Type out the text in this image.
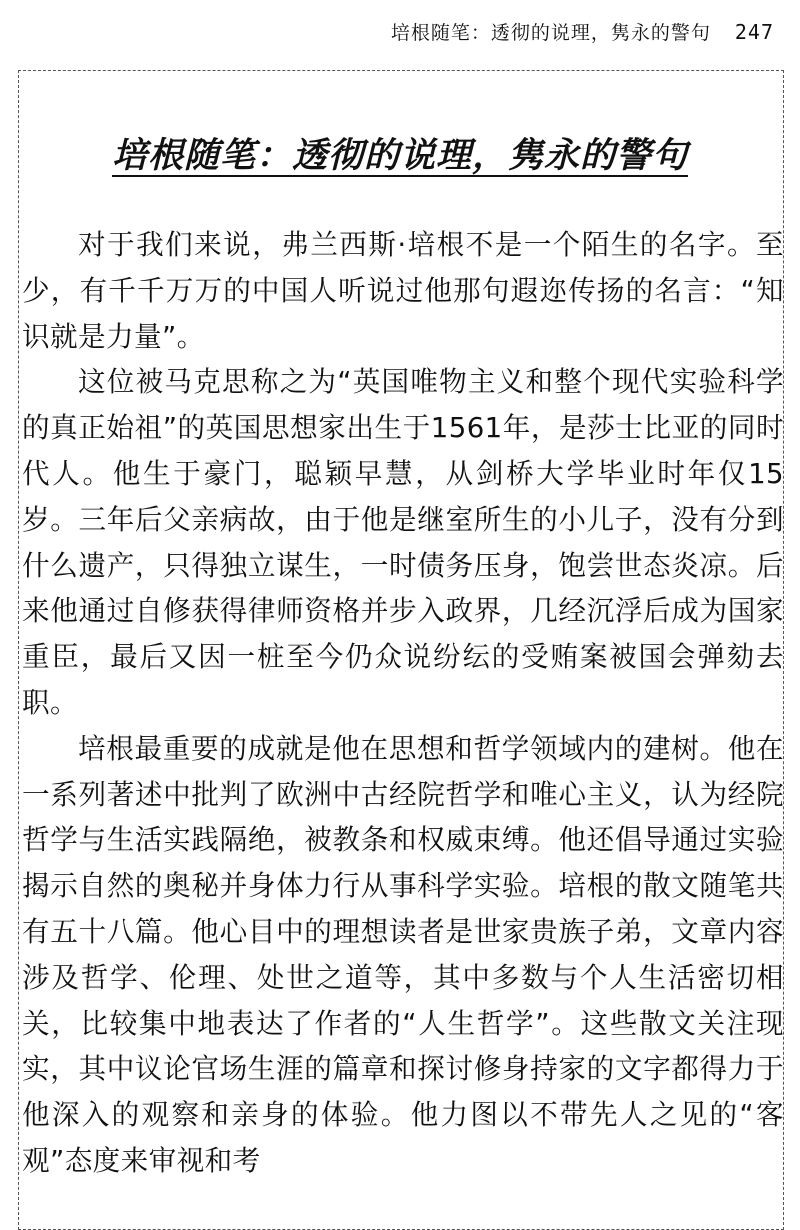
培根随笔：透彻的说理，隽永的警句 247
培根随笔：透彻的说理，隽永的警句

对于我们来说，弗兰西斯·培根不是一个陌生的名字。至少，有千千万万的中国人听说过他那句遐迩传扬的名言：“知识就是力量”。

这位被马克思称之为“英国唯物主义和整个现代实验科学的真正始祖”的英国思想家出生于1561年，是莎士比亚的同时代人。他生于豪门，聪颖早慧，从剑桥大学毕业时年仅15岁。三年后父亲病故，由于他是继室所生的小儿子，没有分到什么遗产，只得独立谋生，一时债务压身，饱尝世态炎凉。后来他通过自修获得律师资格并步入政界，几经沉浮后成为国家重臣，最后又因一桩至今仍众说纷纭的受贿案被国会弹劾去职。

培根最重要的成就是他在思想和哲学领域内的建树。他在一系列著述中批判了欧洲中古经院哲学和唯心主义，认为经院哲学与生活实践隔绝，被教条和权威束缚。他还倡导通过实验揭示自然的奥秘并身体力行从事科学实验。培根的散文随笔共有五十八篇。他心目中的理想读者是世家贵族子弟，文章内容涉及哲学、伦理、处世之道等，其中多数与个人生活密切相关，比较集中地表达了作者的“人生哲学”。这些散文关注现实，其中议论官场生涯的篇章和探讨修身持家的文字都得力于他深入的观察和亲身的体验。他力图以不带先人之见的“客观”态度来审视和考
